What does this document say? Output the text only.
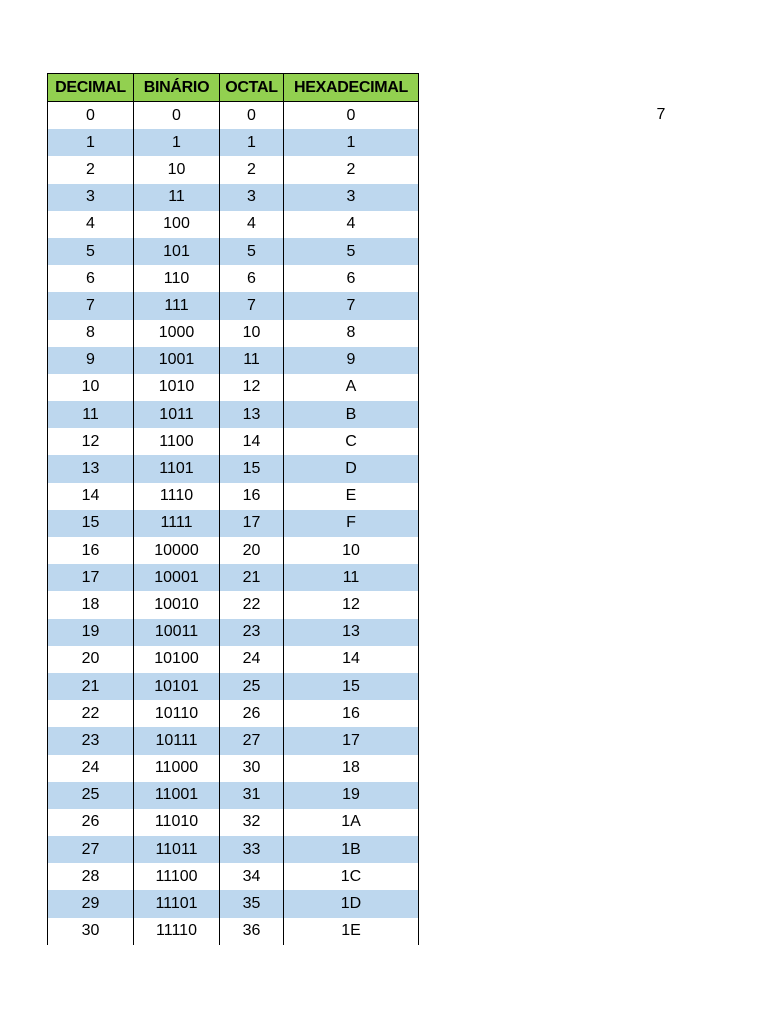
DECIMAL	BINÁRIO	OCTAL	HEXADECIMAL
0	0	0	0
1	1	1	1
2	10	2	2
3	11	3	3
4	100	4	4
5	101	5	5
6	110	6	6
7	111	7	7
8	1000	10	8
9	1001	11	9
10	1010	12	A
11	1011	13	B
12	1100	14	C
13	1101	15	D
14	1110	16	E
15	1111	17	F
16	10000	20	10
17	10001	21	11
18	10010	22	12
19	10011	23	13
20	10100	24	14
21	10101	25	15
22	10110	26	16
23	10111	27	17
24	11000	30	18
25	11001	31	19
26	11010	32	1A
27	11011	33	1B
28	11100	34	1C
29	11101	35	1D
30	11110	36	1E
7
